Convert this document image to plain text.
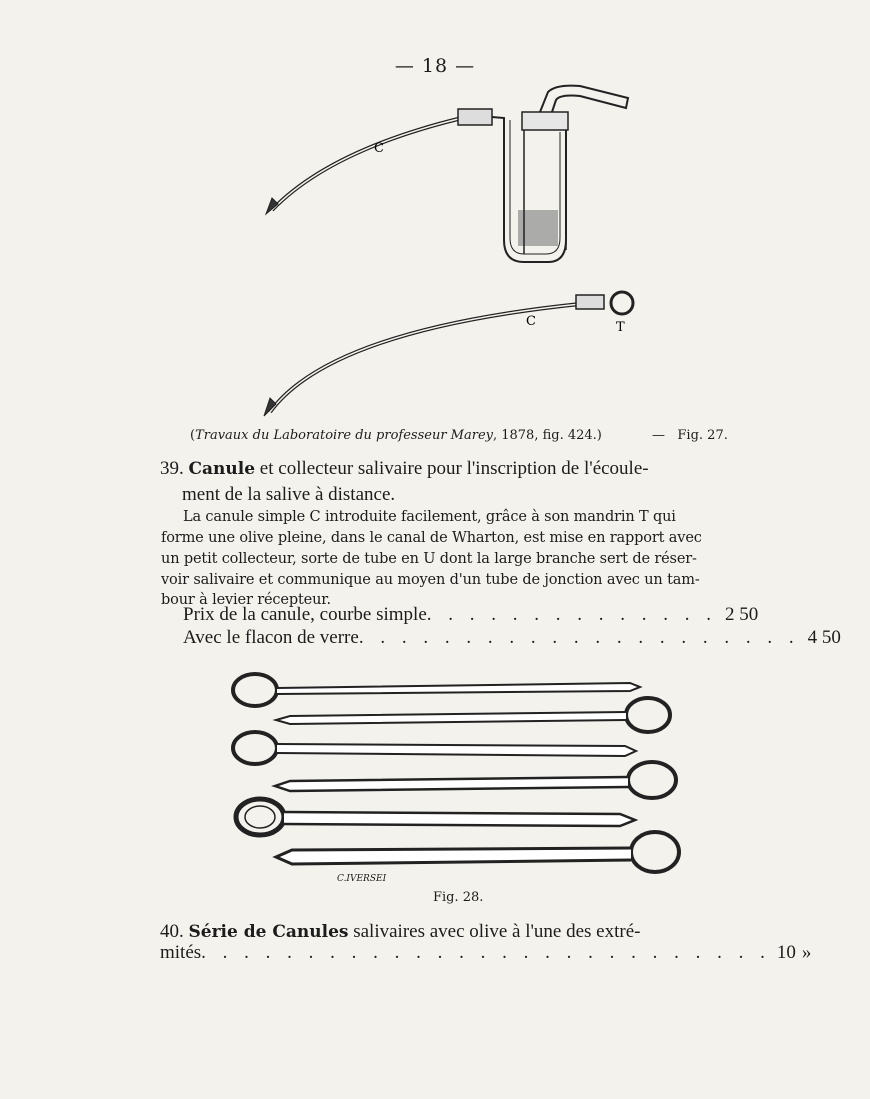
— 18 —
C
C	T
(Travaux du Laboratoire du professeur Marey, 1878, fig. 424.)	— Fig. 27.
39. Canule et collecteur salivaire pour l'inscription de l'écoule-
ment de la salive à distance.
La canule simple C introduite facilement, grâce à son mandrin T qui
forme une olive pleine, dans le canal de Wharton, est mise en rapport avec
un petit collecteur, sorte de tube en U dont la large branche sert de réser-
voir salivaire et communique au moyen d'un tube de jonction avec un tam-
bour à levier récepteur.
Prix de la canule, courbe simple . . . . . . . . . . . . . . 2 50
Avec le flacon de verre . . . . . . . . . . . . . . . . . . . . . 4 50
C.IVERSEI
Fig. 28.
40. Série de Canules salivaires avec olive à l'une des extré-
mités . . . . . . . . . . . . . . . . . . . . . . . . . . . 10 »
